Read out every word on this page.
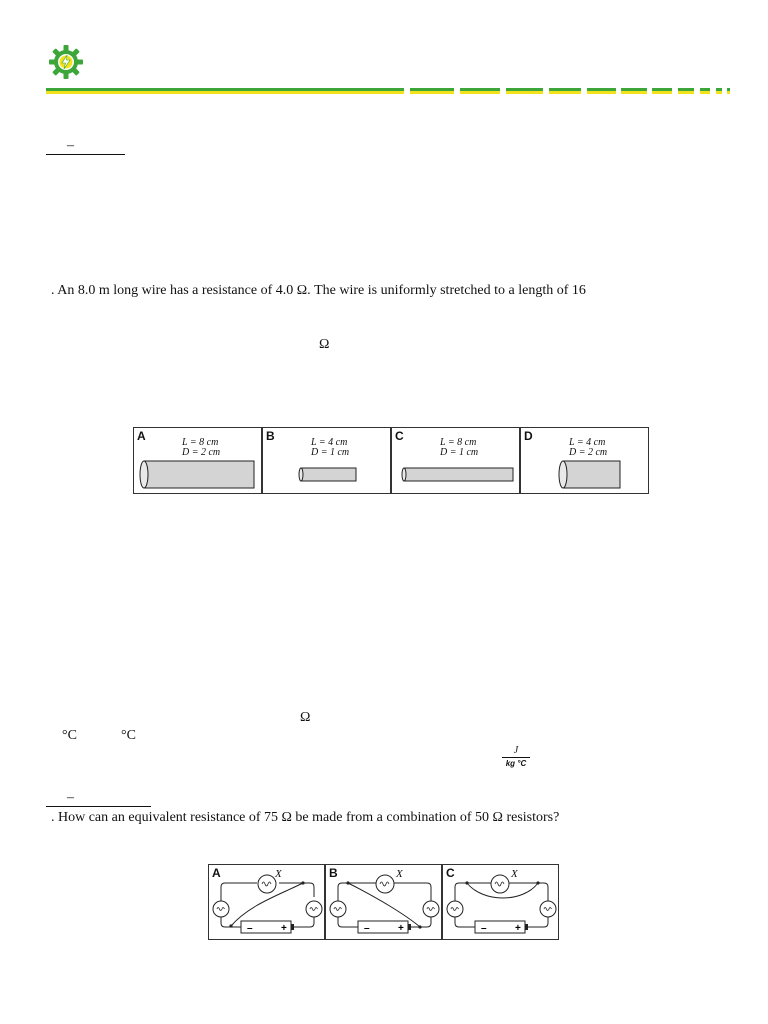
–
. An 8.0 m long wire has a resistance of 4.0 Ω. The wire is uniformly stretched to a length of 16
Ω
A	L = 8 cm
D = 2 cm
B	L = 4 cm
D = 1 cm
C	L = 8 cm
D = 1 cm
D	L = 4 cm
D = 2 cm
Ω
°C	°C
J
kg °C
–
. How can an equivalent resistance of 75 Ω be made from a combination of 50 Ω resistors?
A	X
–	+
B	X
–	+
C	X
–	+
